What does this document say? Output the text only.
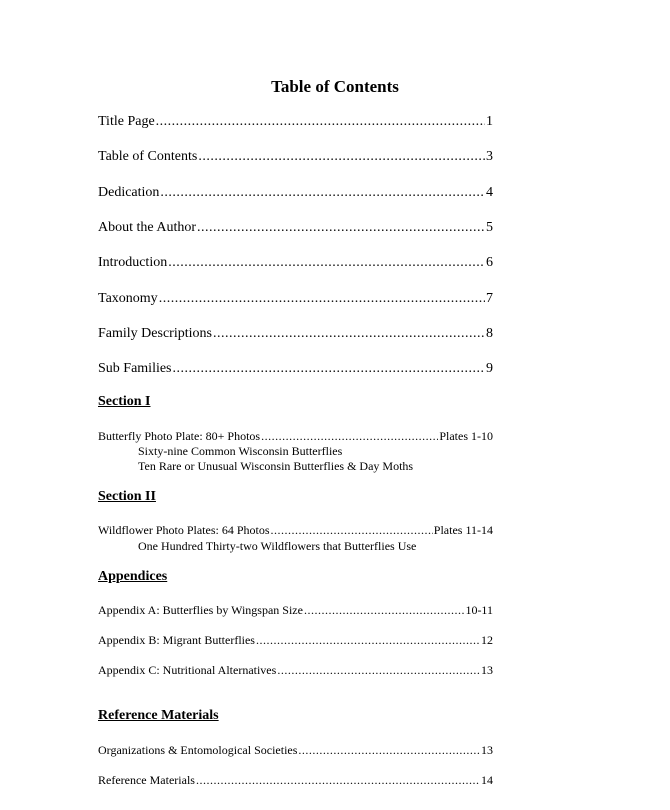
Table of Contents
Title Page .....	1
Table of Contents .....	3
Dedication .....	4
About the Author .....	5
Introduction .....	6
Taxonomy .....	7
Family Descriptions .....	8
Sub Families .....	9
Section I
Butterfly Photo Plate: 80+ Photos .....	Plates 1-10
Sixty-nine Common Wisconsin Butterflies
Ten Rare or Unusual Wisconsin Butterflies & Day Moths
Section II
Wildflower Photo Plates: 64 Photos .....	Plates 11-14
One Hundred Thirty-two Wildflowers that Butterflies Use
Appendices
Appendix A: Butterflies by Wingspan Size .....	10-11
Appendix B: Migrant Butterflies .....	12
Appendix C: Nutritional Alternatives .....	13
Reference Materials
Organizations & Entomological Societies .....	13
Reference Materials .....	14
